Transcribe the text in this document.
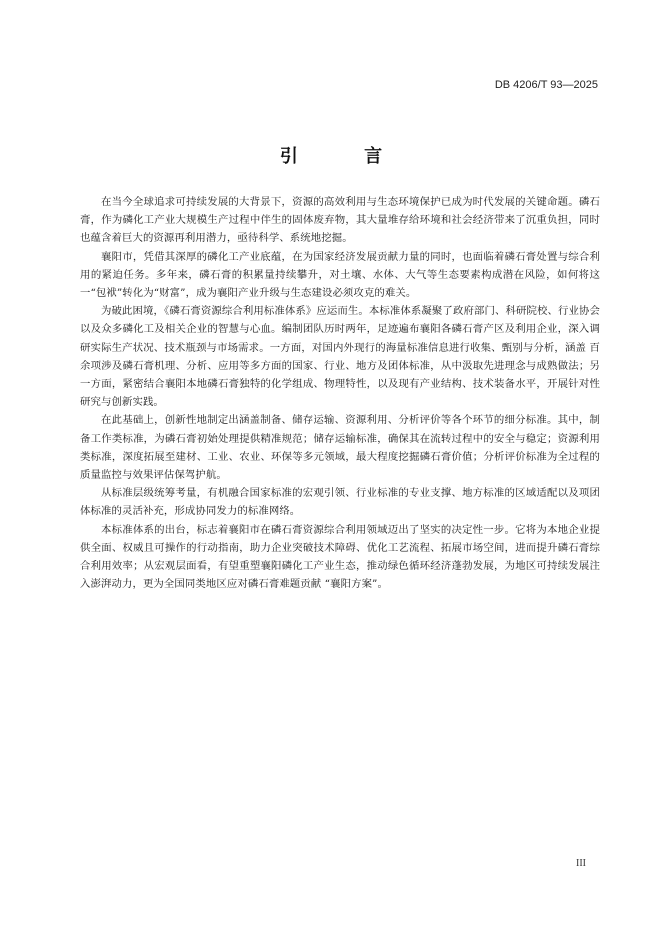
DB 4206/T 93—2025
引 言

在当今全球追求可持续发展的大背景下，资源的高效利用与生态环境保护已成为时代发展的关键命题。磷石膏，作为磷化工产业大规模生产过程中伴生的固体废弃物，其大量堆存给环境和社会经济带来了沉重负担，同时也蕴含着巨大的资源再利用潜力，亟待科学、系统地挖掘。

襄阳市，凭借其深厚的磷化工产业底蕴，在为国家经济发展贡献力量的同时，也面临着磷石膏处置与综合利用的紧迫任务。多年来，磷石膏的积累量持续攀升，对土壤、水体、大气等生态要素构成潜在风险，如何将这一“包袱”转化为“财富”，成为襄阳产业升级与生态建设必须攻克的难关。

为破此困境，《磷石膏资源综合利用标准体系》应运而生。本标准体系凝聚了政府部门、科研院校、行业协会以及众多磷化工及相关企业的智慧与心血。编制团队历时两年，足迹遍布襄阳各磷石膏产区及利用企业，深入调研实际生产状况、技术瓶颈与市场需求。一方面，对国内外现行的海量标准信息进行收集、甄别与分析，涵盖 百余项涉及磷石膏机理、分析、应用等多方面的国家、行业、地方及团体标准，从中汲取先进理念与成熟做法；另一方面，紧密结合襄阳本地磷石膏独特的化学组成、物理特性，以及现有产业结构、技术装备水平，开展针对性研究与创新实践。

在此基础上，创新性地制定出涵盖制备、储存运输、资源利用、分析评价等各个环节的细分标准。其中，制备工作类标准，为磷石膏初始处理提供精准规范；储存运输标准，确保其在流转过程中的安全与稳定；资源利用类标准，深度拓展至建材、工业、农业、环保等多元领域，最大程度挖掘磷石膏价值；分析评价标准为全过程的质量监控与效果评估保驾护航。

从标准层级统筹考量，有机融合国家标准的宏观引领、行业标准的专业支撑、地方标准的区域适配以及项团体标准的灵活补充，形成协同发力的标准网络。

本标准体系的出台，标志着襄阳市在磷石膏资源综合利用领域迈出了坚实的决定性一步。它将为本地企业提供全面、权威且可操作的行动指南，助力企业突破技术障碍、优化工艺流程、拓展市场空间，进而提升磷石膏综合利用效率；从宏观层面看，有望重塑襄阳磷化工产业生态，推动绿色循环经济蓬勃发展，为地区可持续发展注入澎湃动力，更为全国同类地区应对磷石膏难题贡献 “襄阳方案”。

III
